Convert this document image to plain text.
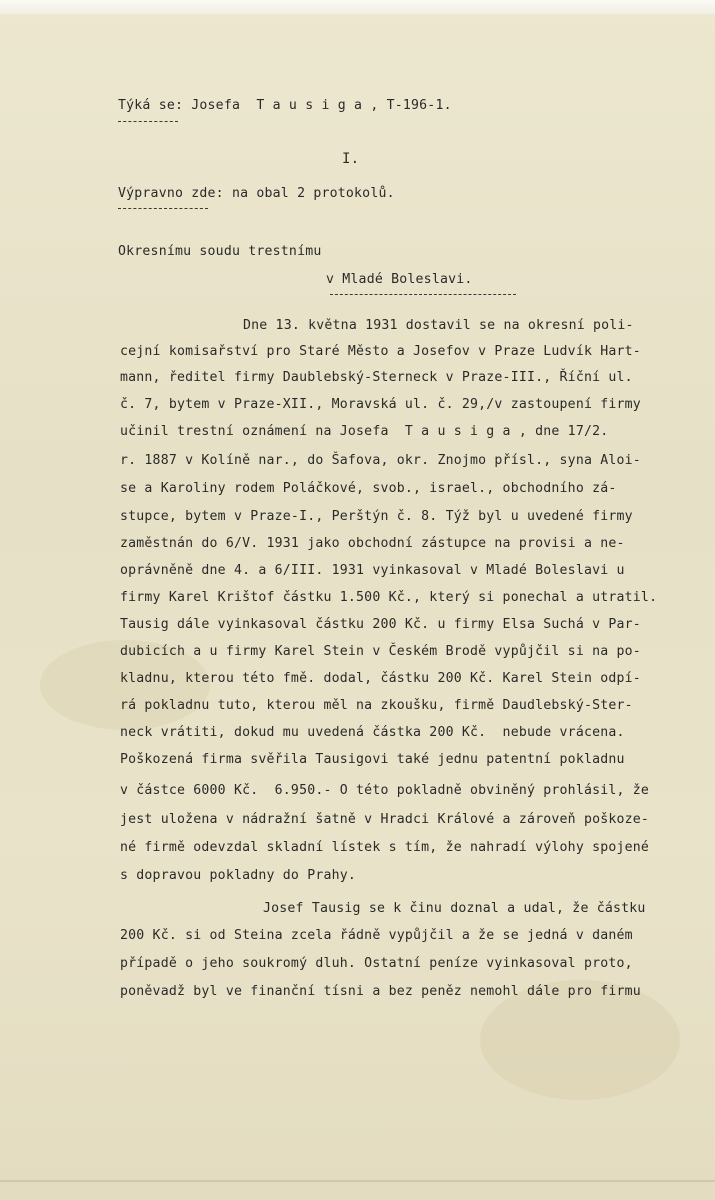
Týká se: Josefa  T a u s i g a , T-196-1.

I.

Výpravno zde: na obal 2 protokolů.

Okresnímu soudu trestnímu

v Mladé Boleslavi.

Dne 13. května 1931 dostavil se na okresní poli-

cejní komisařství pro Staré Město a Josefov v Praze Ludvík Hart-

mann, ředitel firmy Daublebský-Sterneck v Praze-III., Říční ul.

č. 7, bytem v Praze-XII., Moravská ul. č. 29,/v zastoupení firmy

učinil trestní oznámení na Josefa  T a u s i g a , dne 17/2.

r. 1887 v Kolíně nar., do Šafova, okr. Znojmo přísl., syna Aloi-

se a Karoliny rodem Poláčkové, svob., israel., obchodního zá-

stupce, bytem v Praze-I., Perštýn č. 8. Týž byl u uvedené firmy

zaměstnán do 6/V. 1931 jako obchodní zástupce na provisi a ne-

oprávněně dne 4. a 6/III. 1931 vyinkasoval v Mladé Boleslavi u

firmy Karel Krištof částku 1.500 Kč., který si ponechal a utratil.

Tausig dále vyinkasoval částku 200 Kč. u firmy Elsa Suchá v Par-

dubicích a u firmy Karel Stein v Českém Brodě vypůjčil si na po-

kladnu, kterou této fmě. dodal, částku 200 Kč. Karel Stein odpí-

rá pokladnu tuto, kterou měl na zkoušku, firmě Daudlebský-Ster-

neck vrátiti, dokud mu uvedená částka 200 Kč.  nebude vrácena.

Poškozená firma svěřila Tausigovi také jednu patentní pokladnu

v částce 6000 Kč.  6.950.- O této pokladně obviněný prohlásil, že

jest uložena v nádražní šatně v Hradci Králové a zároveň poškoze-

né firmě odevzdal skladní lístek s tím, že nahradí výlohy spojené

s dopravou pokladny do Prahy.

Josef Tausig se k činu doznal a udal, že částku

200 Kč. si od Steina zcela řádně vypůjčil a že se jedná v daném

případě o jeho soukromý dluh. Ostatní peníze vyinkasoval proto,

poněvadž byl ve finanční tísni a bez peněz nemohl dále pro firmu
